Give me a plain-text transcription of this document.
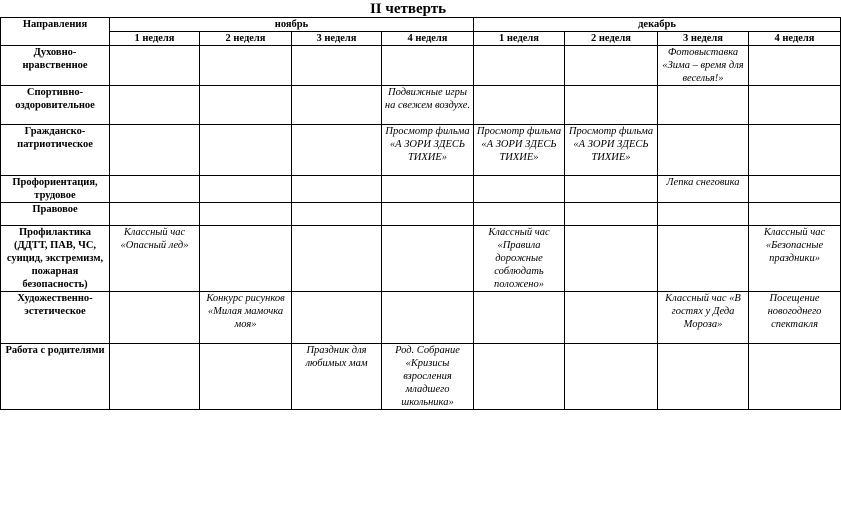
II четверть
Направления	ноябрь				декабрь			
	1 неделя	2 неделя	3 неделя	4 неделя	1 неделя	2 неделя	3 неделя	4 неделя
Духовно-нравственное							Фотовыставка «Зима – время для веселья!»	
Спортивно-оздоровительное				Подвижные игры на свежем воздухе.				
Гражданско-патриотическое				Просмотр фильма «А ЗОРИ ЗДЕСЬ ТИХИЕ»	Просмотр фильма «А ЗОРИ ЗДЕСЬ ТИХИЕ»	Просмотр фильма «А ЗОРИ ЗДЕСЬ ТИХИЕ»		
Профориентация, трудовое							Лепка снеговика	
Правовое								
Профилактика (ДДТТ, ПАВ, ЧС, суицид, экстремизм, пожарная безопасность)	Классный час «Опасный лед»				Классный час «Правила дорожные соблюдать положено»			Классный час «Безопасные праздники»
Художественно-эстетическое		Конкурс рисунков «Милая мамочка моя»					Классный час «В гостях у Деда Мороза»	Посещение новогоднего спектакля
Работа с родителями			Праздник для любимых мам	Род. Собрание «Кризисы взросления младшего школьника»				
